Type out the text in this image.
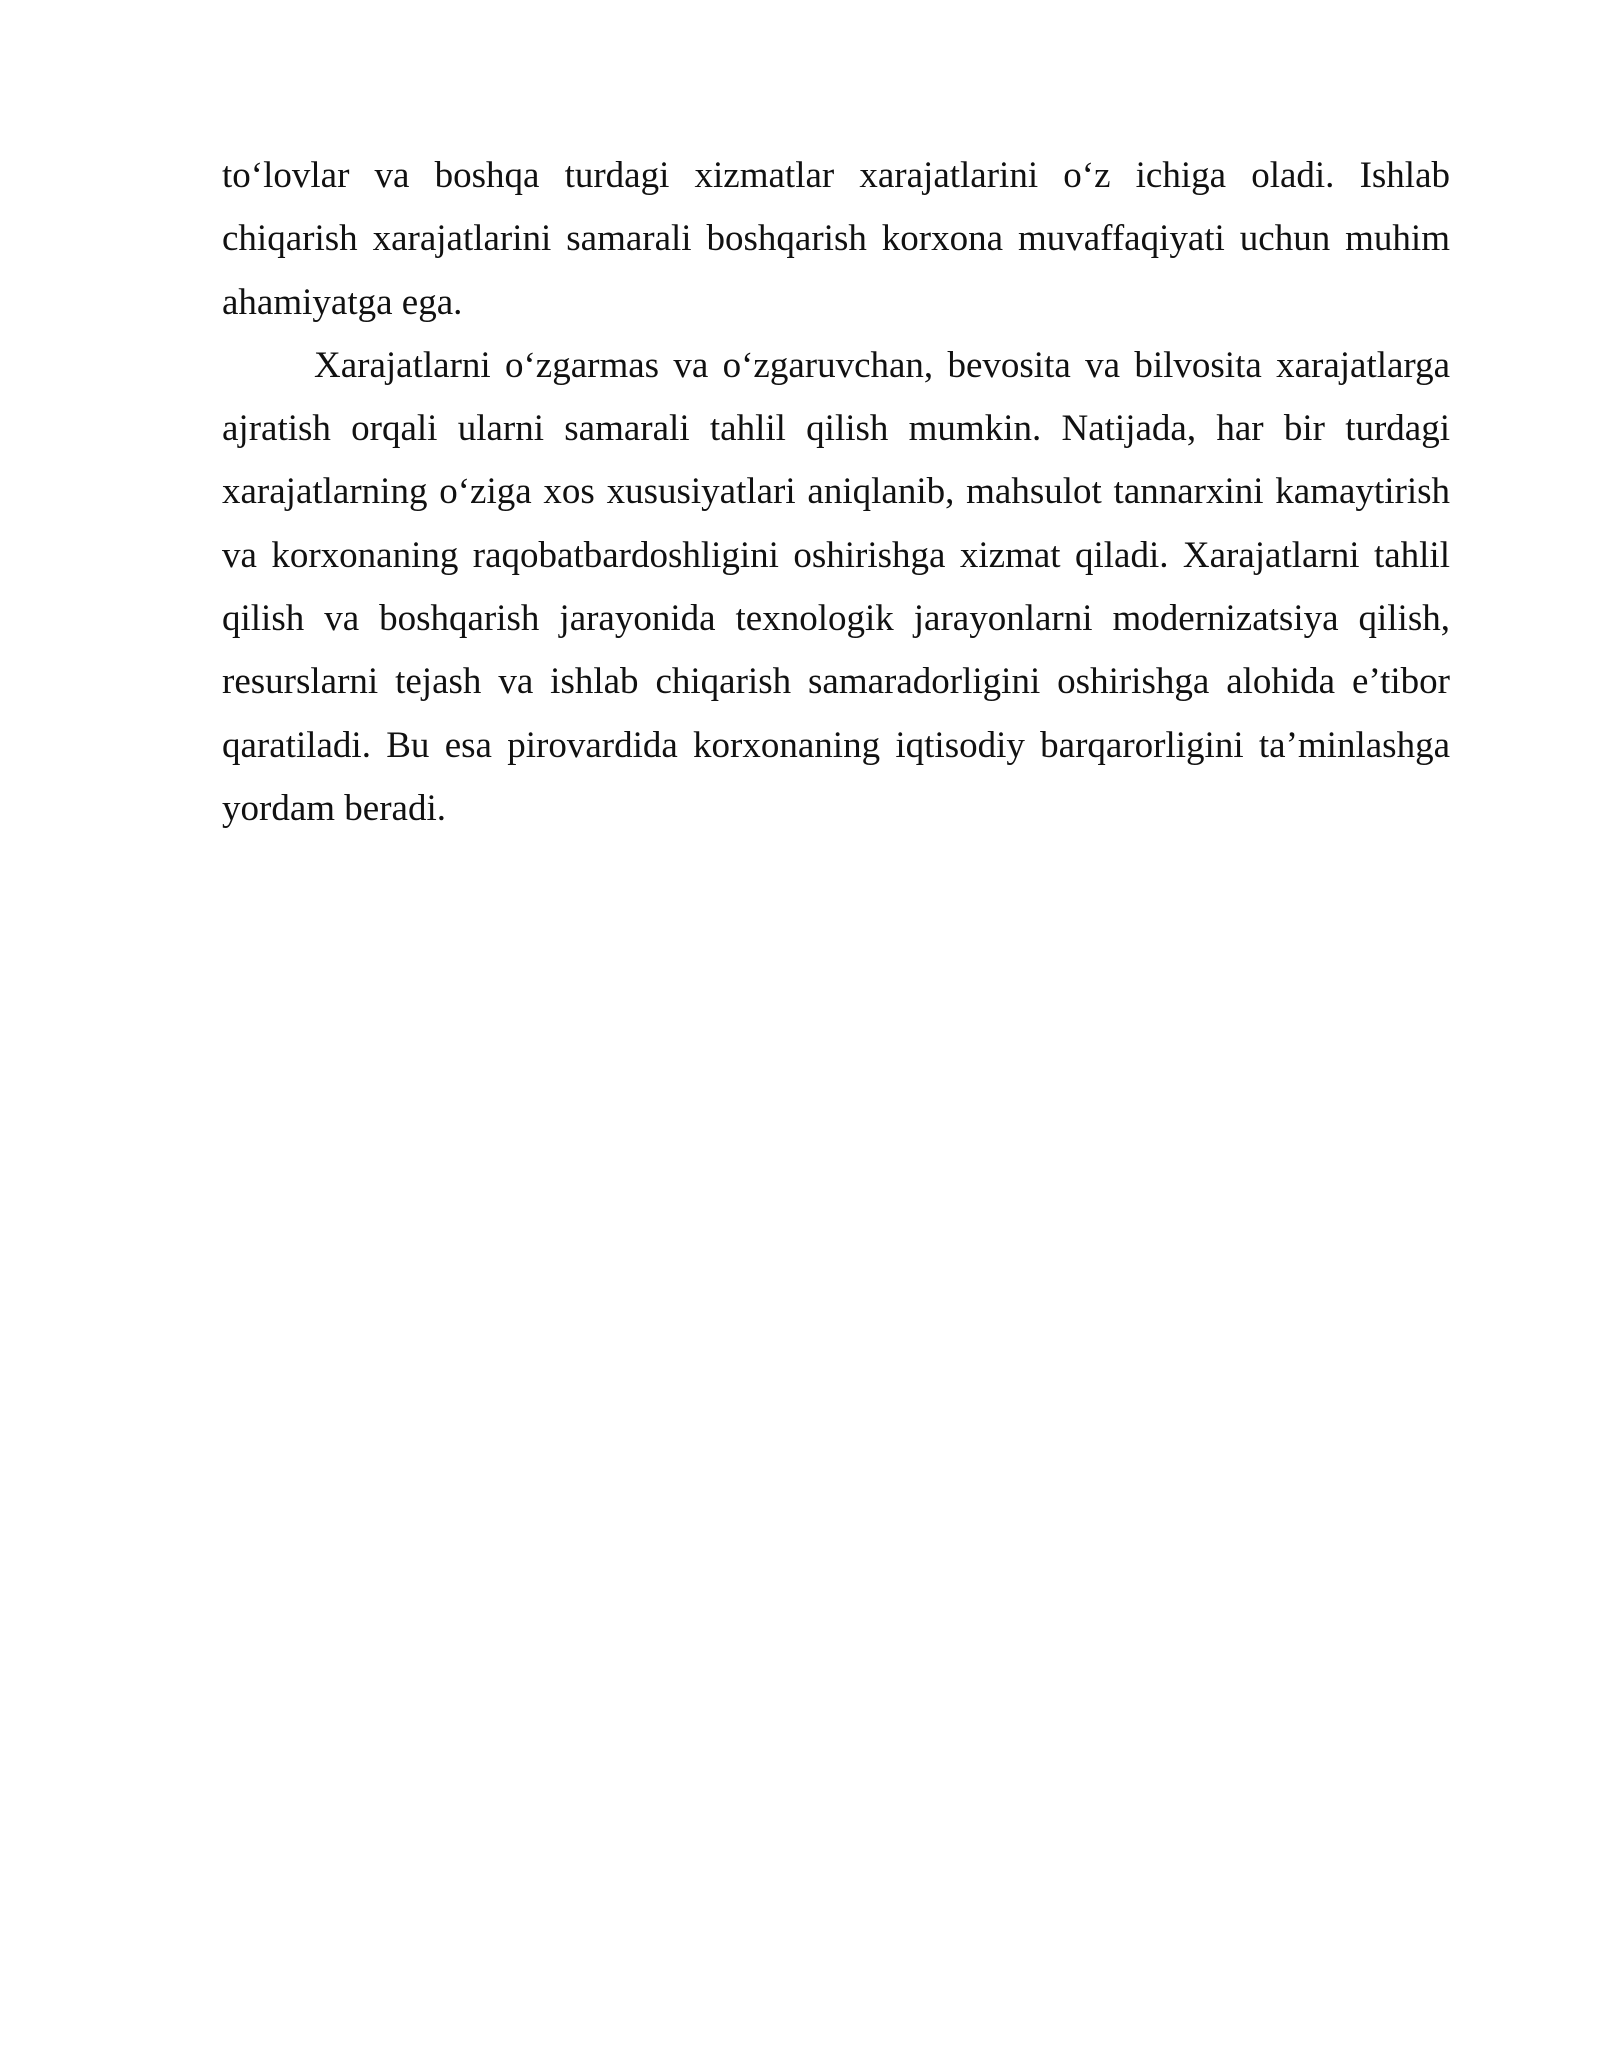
to‘lovlar va boshqa turdagi xizmatlar xarajatlarini o‘z ichiga oladi. Ishlab chiqarish xarajatlarini samarali boshqarish korxona muvaffaqiyati uchun muhim ahamiyatga ega.

Xarajatlarni o‘zgarmas va o‘zgaruvchan, bevosita va bilvosita xarajatlarga ajratish orqali ularni samarali tahlil qilish mumkin. Natijada, har bir turdagi xarajatlarning o‘ziga xos xususiyatlari aniqlanib, mahsulot tannarxini kamaytirish va korxonaning raqobatbardoshligini oshirishga xizmat qiladi. Xarajatlarni tahlil qilish va boshqarish jarayonida texnologik jarayonlarni modernizatsiya qilish, resurslarni tejash va ishlab chiqarish samaradorligini oshirishga alohida e’tibor qaratiladi. Bu esa pirovardida korxonaning iqtisodiy barqarorligini ta’minlashga yordam beradi.
